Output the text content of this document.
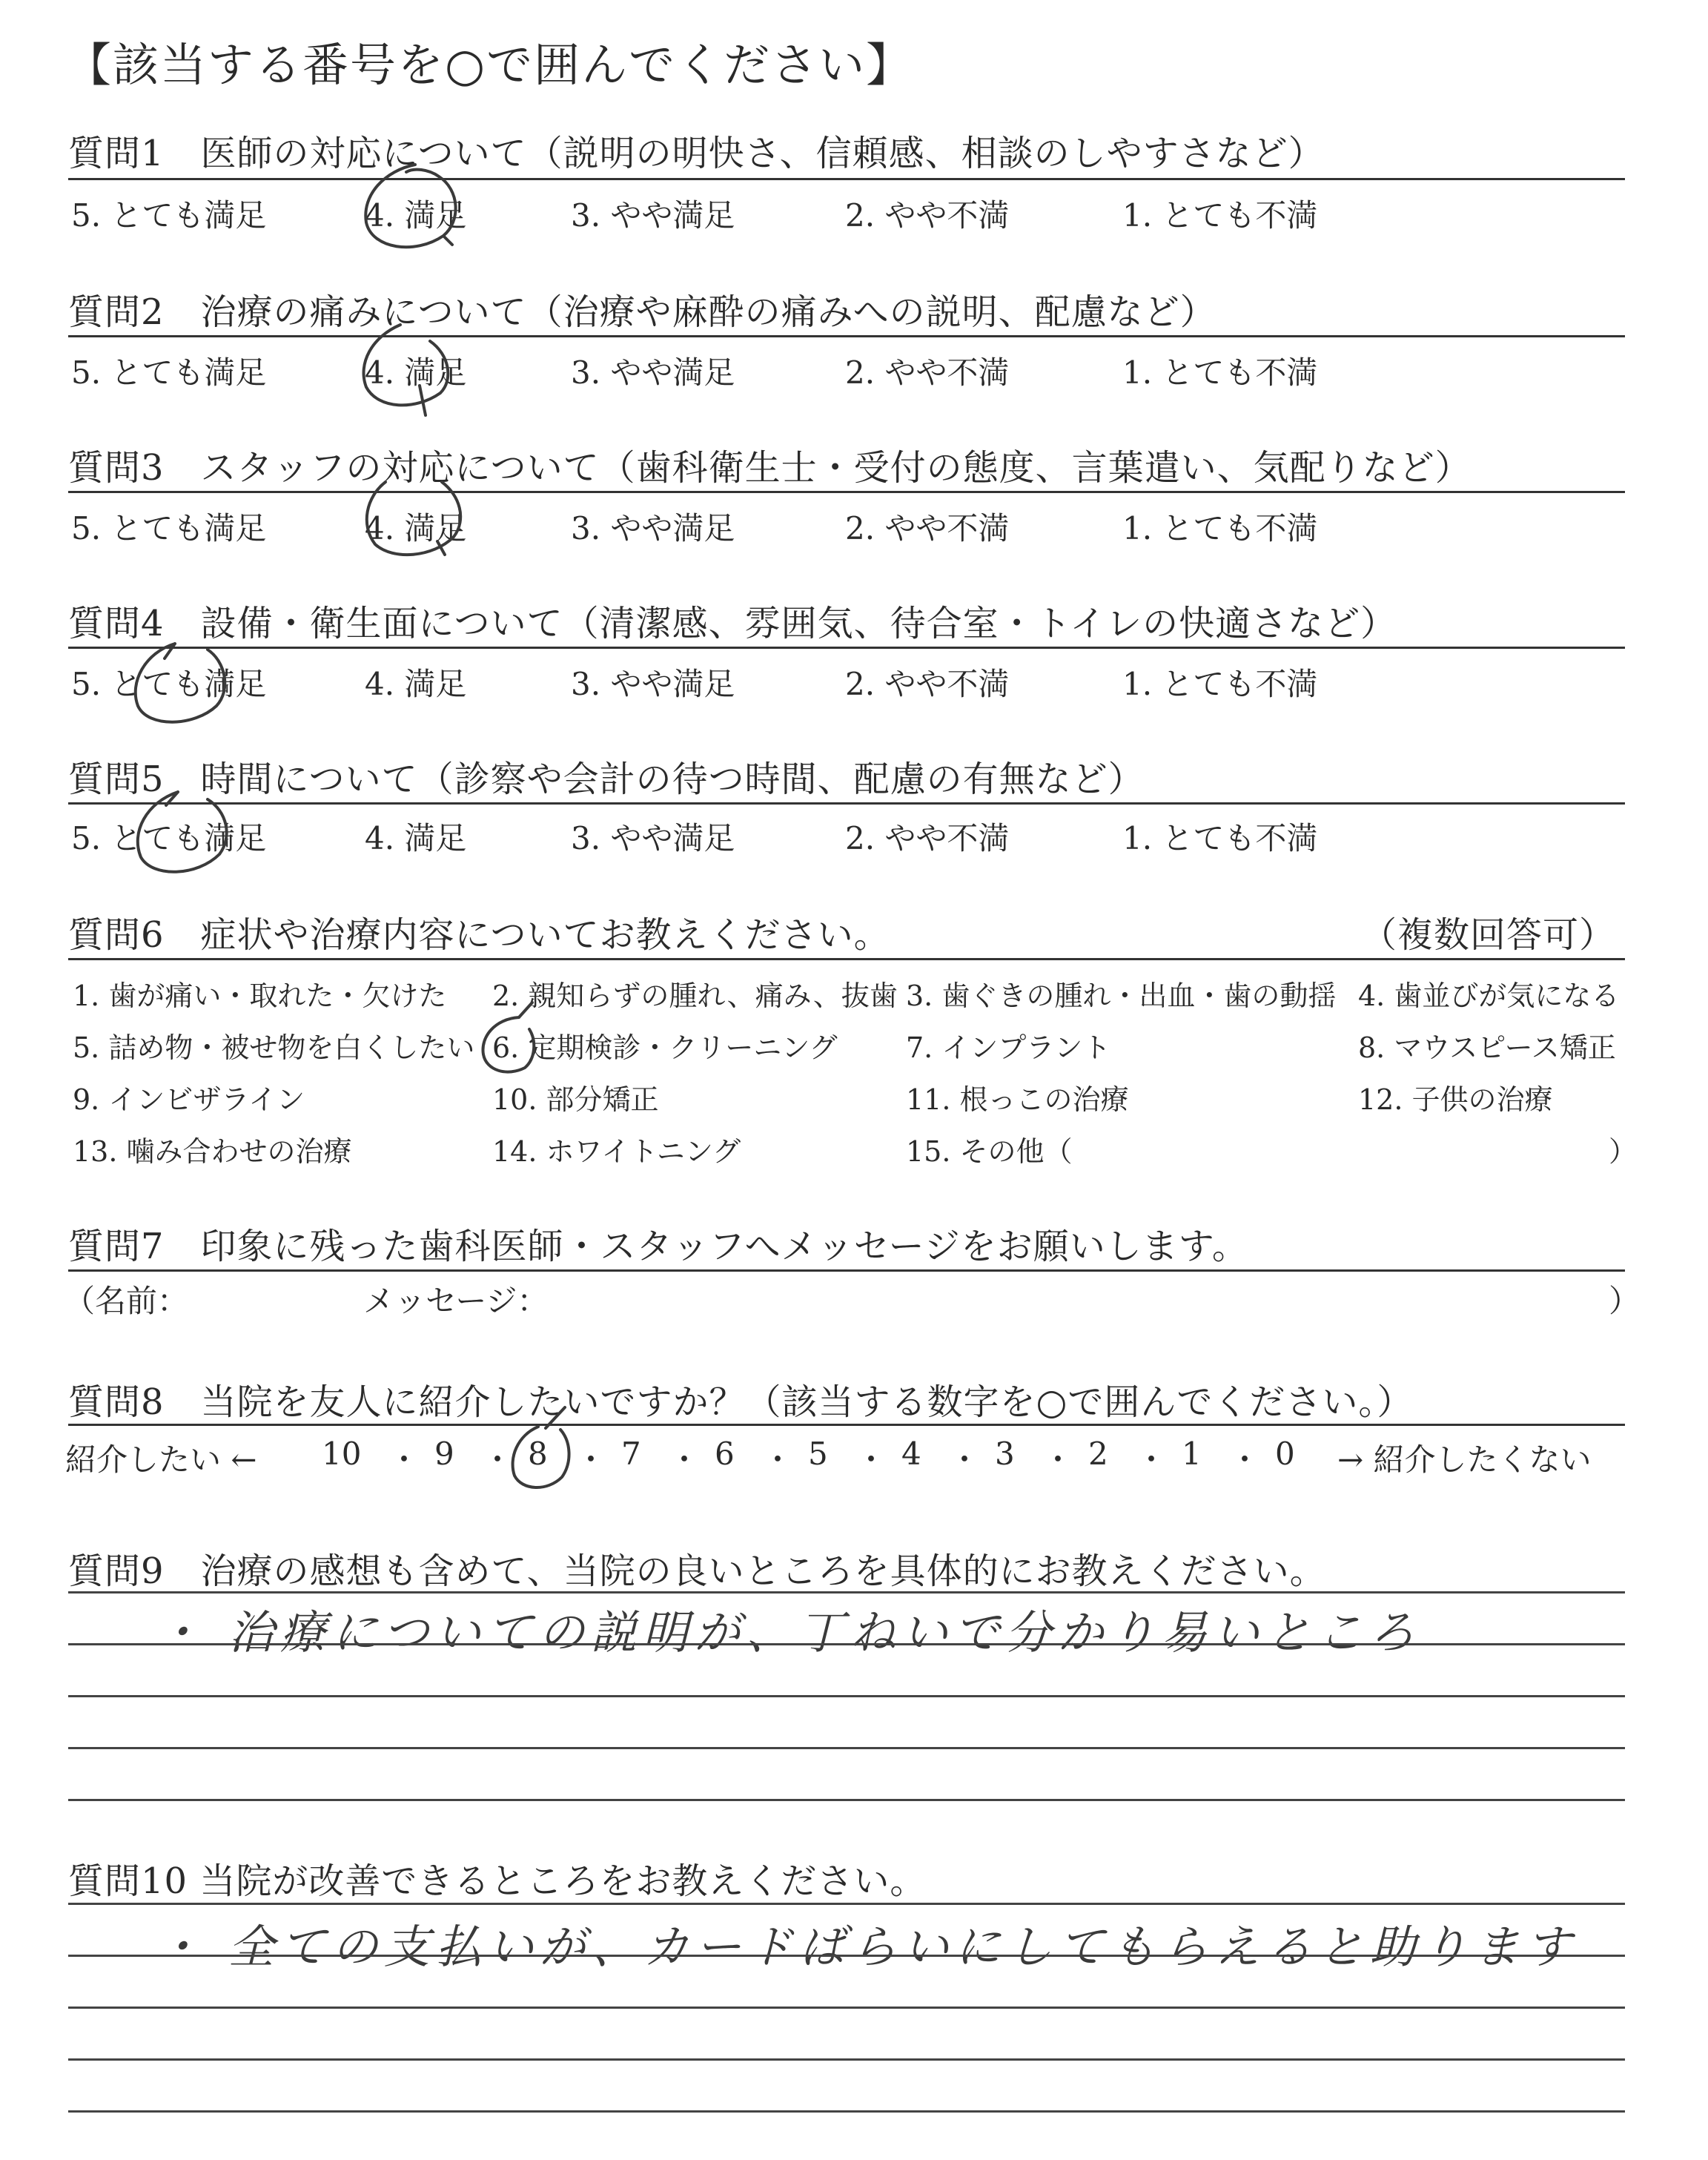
【該当する番号を○で囲んでください】
質問1　医師の対応について（説明の明快さ、信頼感、相談のしやすさなど）
5. とても満足	4. 満足	3. やや満足	2. やや不満	1. とても不満
質問2　治療の痛みについて（治療や麻酔の痛みへの説明、配慮など）
5. とても満足	4. 満足	3. やや満足	2. やや不満	1. とても不満
質問3　スタッフの対応について（歯科衛生士・受付の態度、言葉遣い、気配りなど）
5. とても満足	4. 満足	3. やや満足	2. やや不満	1. とても不満
質問4　設備・衛生面について（清潔感、雰囲気、待合室・トイレの快適さなど）
5. とても満足	4. 満足	3. やや満足	2. やや不満	1. とても不満
質問5　時間について（診察や会計の待つ時間、配慮の有無など）
5. とても満足	4. 満足	3. やや満足	2. やや不満	1. とても不満
質問6　症状や治療内容についてお教えください。	（複数回答可）
1. 歯が痛い・取れた・欠けた 2. 親知らずの腫れ、痛み、抜歯 3. 歯ぐきの腫れ・出血・歯の動揺 4. 歯並びが気になる
5. 詰め物・被せ物を白くしたい 6. 定期検診・クリーニング 7. インプラント	8. マウスピース矯正
9. インビザライン	10. 部分矯正	11. 根っこの治療	12. 子供の治療
13. 噛み合わせの治療	14. ホワイトニング	15. その他（	）
質問7　印象に残った歯科医師・スタッフへメッセージをお願いします。
（名前：	メッセージ：	）
質問8　当院を友人に紹介したいですか？（該当する数字を○で囲んでください。）
紹介したい ← 10 ・ 9 ・ 8 ・ 7 ・ 6 ・ 5 ・ 4 ・ 3 ・ 2 ・ 1 ・ 0 → 紹介したくない
質問9　治療の感想も含めて、当院の良いところを具体的にお教えください。
・ 治療についての説明が、丁ねいで分かり易いところ
質問10 当院が改善できるところをお教えください。
・ 全ての支払いが、カードばらいにしてもらえると助ります
